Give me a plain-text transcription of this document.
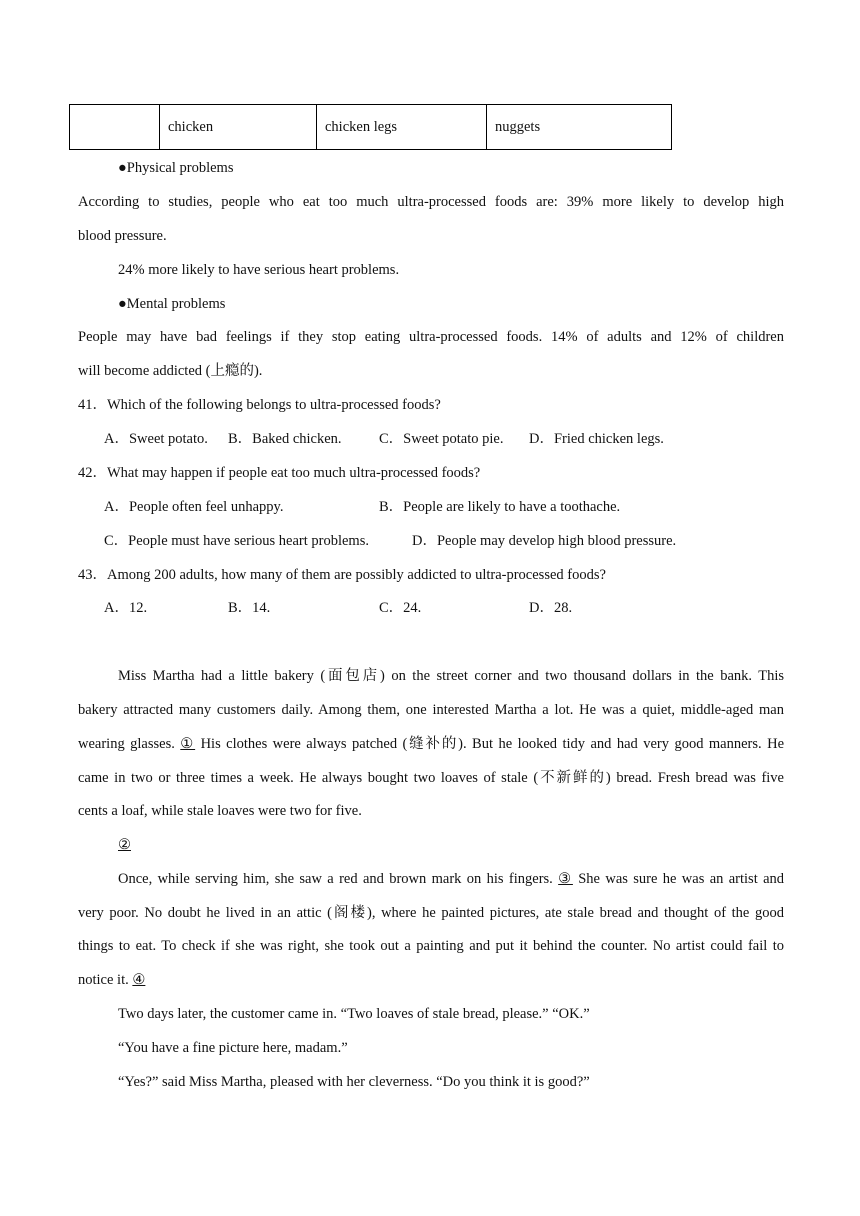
	chicken	chicken legs	nuggets
●Physical problems
According to studies, people who eat too much ultra-processed foods are: 39% more likely to develop high
blood pressure.
24% more likely to have serious heart problems.
●Mental problems
People may have bad feelings if they stop eating ultra-processed foods. 14% of adults and 12% of children
will become addicted (上瘾的).
41．Which of the following belongs to ultra-processed foods?
A．Sweet potato. B．Baked chicken.	C．Sweet potato pie. D．Fried chicken legs.
42．What may happen if people eat too much ultra-processed foods?
A．People often feel unhappy.	B．People are likely to have a toothache.
C．People must have serious heart problems.	D．People may develop high blood pressure.
43．Among 200 adults, how many of them are possibly addicted to ultra-processed foods?
A．12.	B．14.	C．24.	D．28.
Miss Martha had a little bakery (面包店) on the street corner and two thousand dollars in the bank. This
bakery attracted many customers daily. Among them, one interested Martha a lot. He was a quiet, middle-aged man
wearing glasses. ① His clothes were always patched (缝补的). But he looked tidy and had very good manners. He
came in two or three times a week. He always bought two loaves of stale (不新鲜的) bread. Fresh bread was five
cents a loaf, while stale loaves were two for five.
②
Once, while serving him, she saw a red and brown mark on his fingers. ③ She was sure he was an artist and
very poor. No doubt he lived in an attic (阁楼), where he painted pictures, ate stale bread and thought of the good
things to eat. To check if she was right, she took out a painting and put it behind the counter. No artist could fail to
notice it. ④
Two days later, the customer came in. “Two loaves of stale bread, please.” “OK.”
“You have a fine picture here, madam.”
“Yes?” said Miss Martha, pleased with her cleverness. “Do you think it is good?”
